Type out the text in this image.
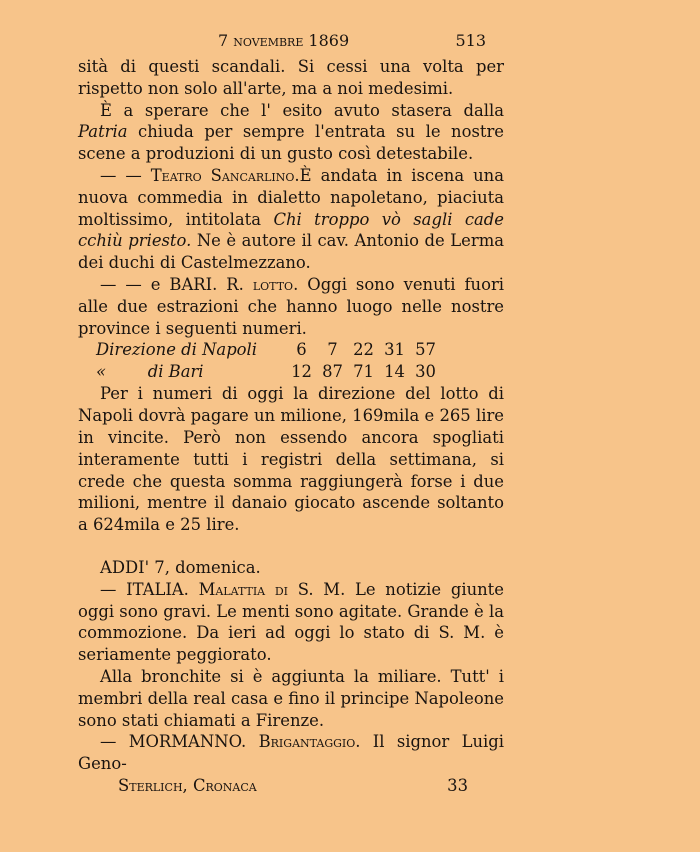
7 novembre 1869	513

sità di questi scandali. Si cessi una volta per rispetto non solo all'arte, ma a noi medesimi.

È a sperare che l' esito avuto stasera dalla Patria chiuda per sempre l'entrata su le nostre scene a produzioni di un gusto così detestabile.

— — Teatro Sancarlino.È andata in iscena una nuova commedia in dialetto napoletano, piaciuta moltissimo, intitolata Chi troppo vò sagli cade cchiù priesto. Ne è autore il cav. Antonio de Lerma dei duchi di Castelmezzano.

— — e BARI. R. lotto. Oggi sono venuti fuori alle due estrazioni che hanno luogo nelle nostre province i seguenti numeri.

Direzione di Napoli	6	7 22 31 57
«        di Bari	12 87 71 14 30

Per i numeri di oggi la direzione del lotto di Napoli dovrà pagare un milione, 169mila e 265 lire in vincite. Però non essendo ancora spogliati interamente tutti i registri della settimana, si crede che questa somma raggiungerà forse i due milioni, mentre il danaio giocato ascende soltanto a 624mila e 25 lire.

ADDI' 7, domenica.

— ITALIA. Malattia di S. M. Le notizie giunte oggi sono gravi. Le menti sono agitate. Grande è la commozione. Da ieri ad oggi lo stato di S. M. è seriamente peggiorato.

Alla bronchite si è aggiunta la miliare. Tutt' i membri della real casa e fino il principe Napoleone sono stati chiamati a Firenze.

— MORMANNO. Brigantaggio. Il signor Luigi Geno-

Sterlich, Cronaca	33
